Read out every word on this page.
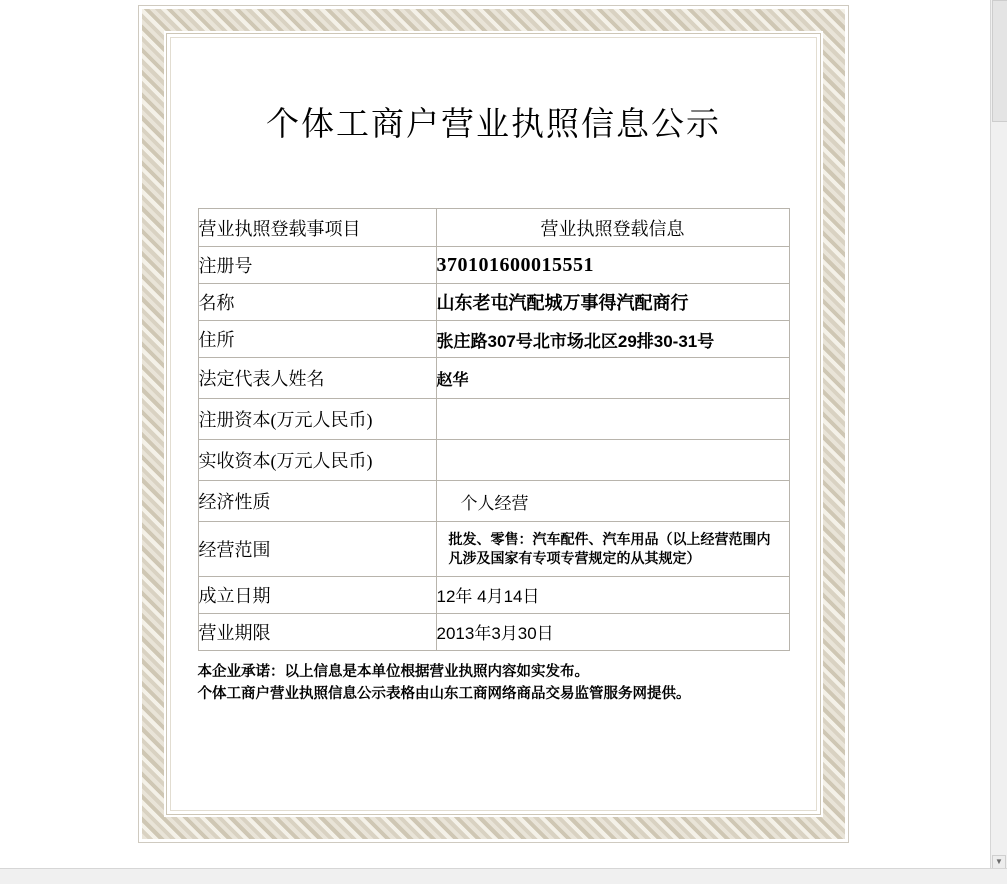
个体工商户营业执照信息公示
营业执照登载事项目	营业执照登载信息
注册号	370101600015551
名称	山东老屯汽配城万事得汽配商行
住所	张庄路307号北市场北区29排30-31号
法定代表人姓名	赵华
注册资本(万元人民币)	
实收资本(万元人民币)	
经济性质	个人经营
经营范围	批发、零售：汽车配件、汽车用品（以上经营范围内凡涉及国家有专项专营规定的从其规定）
成立日期	12年 4月14日
营业期限	2013年3月30日
本企业承诺：以上信息是本单位根据营业执照内容如实发布。
个体工商户营业执照信息公示表格由山东工商网络商品交易监管服务网提供。
▼
